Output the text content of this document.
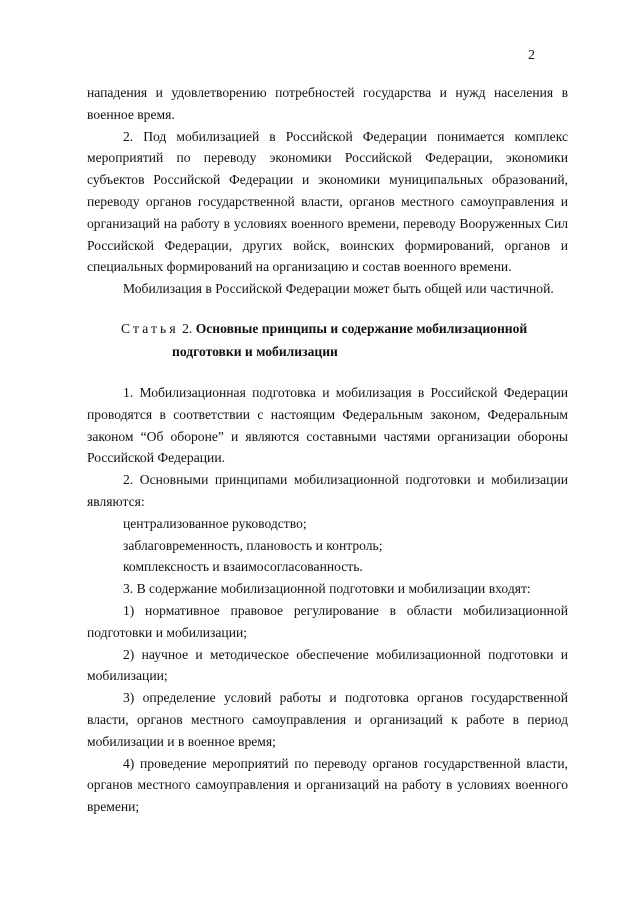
2

нападения и удовлетворению потребностей государства и нужд населения в военное время.

2. Под мобилизацией в Российской Федерации понимается комплекс мероприятий по переводу экономики Российской Федерации, экономики субъектов Российской Федерации и экономики муниципальных образований, переводу органов государственной власти, органов местного самоуправления и организаций на работу в условиях военного времени, переводу Вооруженных Сил Российской Федерации, других войск, воинских формирований, органов и специальных формирований на организацию и состав военного времени.

Мобилизация в Российской Федерации может быть общей или частичной.

Статья 2. Основные принципы и содержание мобилизационной
подготовки и мобилизации

1. Мобилизационная подготовка и мобилизация в Российской Федерации проводятся в соответствии с настоящим Федеральным законом, Федеральным законом “Об обороне” и являются составными частями организации обороны Российской Федерации.

2. Основными принципами мобилизационной подготовки и мобилизации являются:

централизованное руководство;

заблаговременность, плановость и контроль;

комплексность и взаимосогласованность.

3. В содержание мобилизационной подготовки и мобилизации входят:

1) нормативное правовое регулирование в области мобилизационной подготовки и мобилизации;

2) научное и методическое обеспечение мобилизационной подготовки и мобилизации;

3) определение условий работы и подготовка органов государственной власти, органов местного самоуправления и организаций к работе в период мобилизации и в военное время;

4) проведение мероприятий по переводу органов государственной власти, органов местного самоуправления и организаций на работу в условиях военного времени;
